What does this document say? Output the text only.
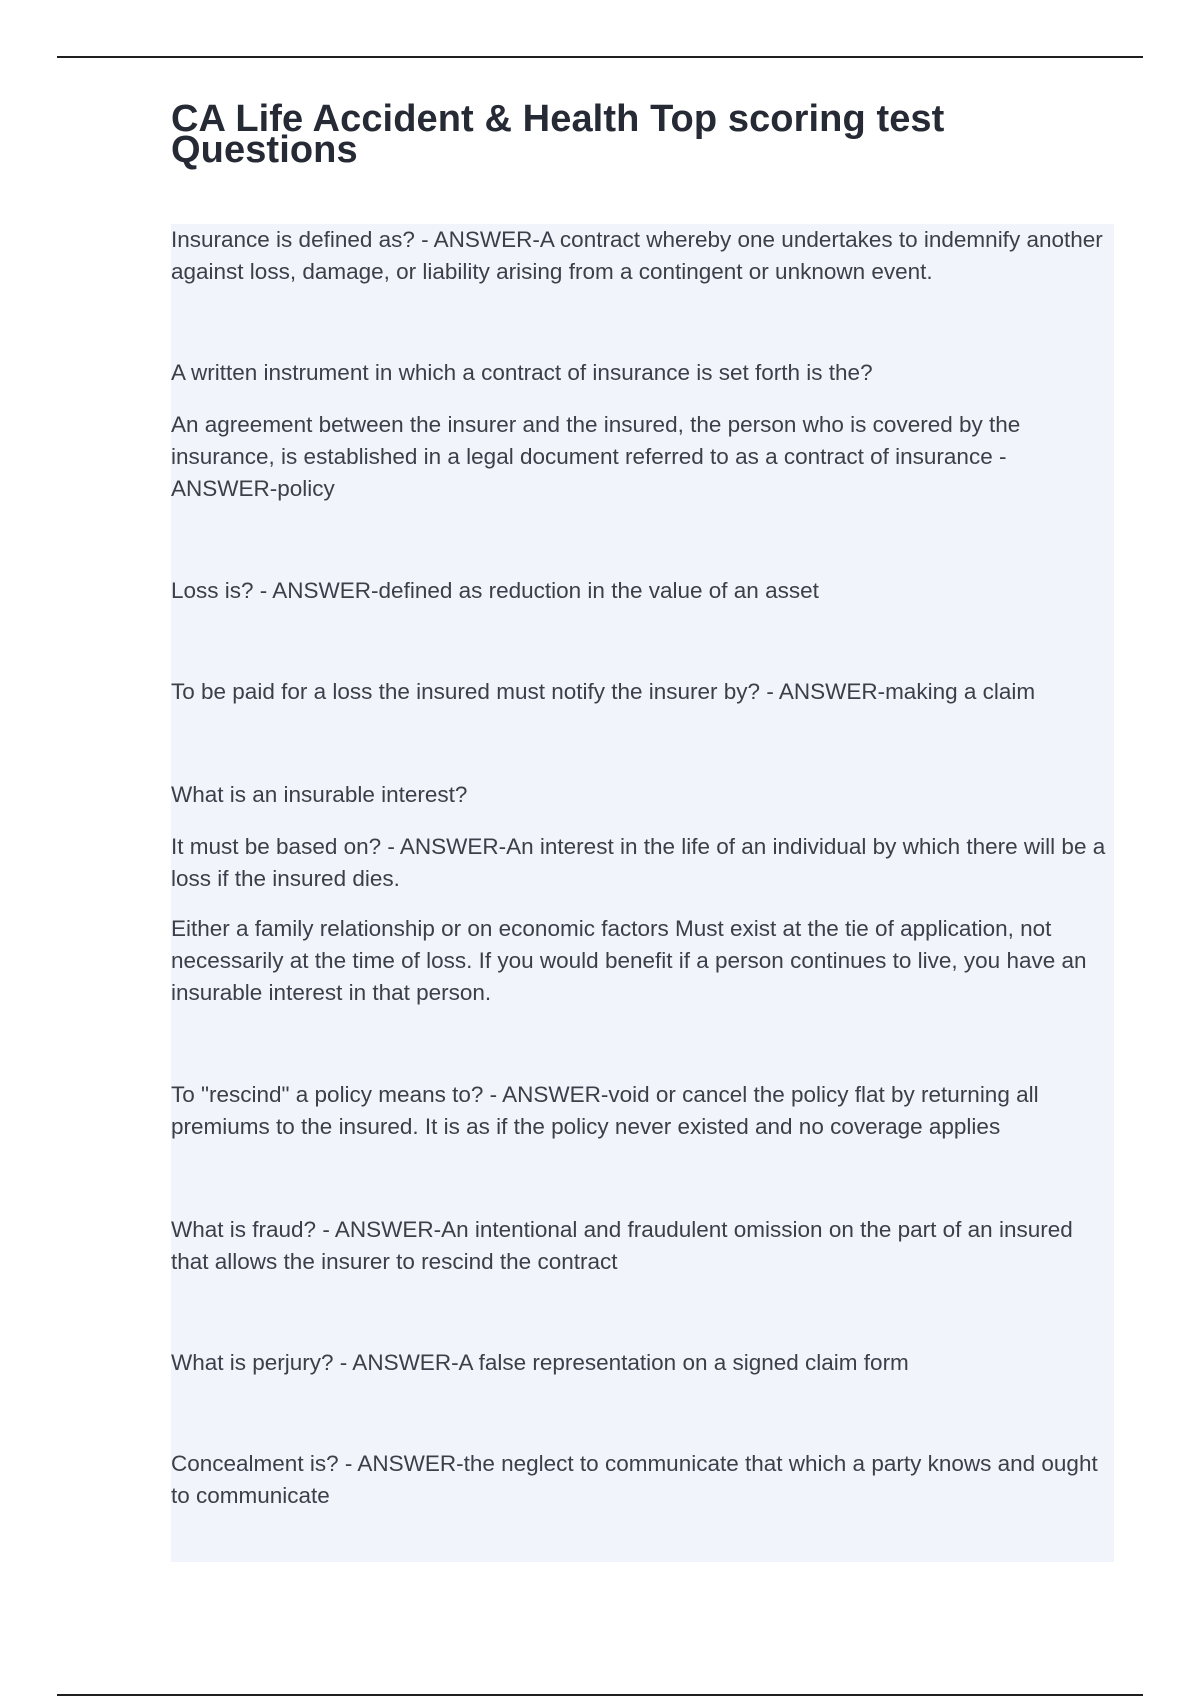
CA Life Accident & Health Top scoring test Questions

Insurance is defined as? - ANSWER-A contract whereby one undertakes to indemnify another against loss, damage, or liability arising from a contingent or unknown event.

A written instrument in which a contract of insurance is set forth is the?

An agreement between the insurer and the insured, the person who is covered by the insurance, is established in a legal document referred to as a contract of insurance - ANSWER-policy

Loss is? - ANSWER-defined as reduction in the value of an asset

To be paid for a loss the insured must notify the insurer by? - ANSWER-making a claim

What is an insurable interest?

It must be based on? - ANSWER-An interest in the life of an individual by which there will be a loss if the insured dies.

Either a family relationship or on economic factors Must exist at the tie of application, not necessarily at the time of loss. If you would benefit if a person continues to live, you have an insurable interest in that person.

To "rescind" a policy means to? - ANSWER-void or cancel the policy flat by returning all premiums to the insured. It is as if the policy never existed and no coverage applies

What is fraud? - ANSWER-An intentional and fraudulent omission on the part of an insured that allows the insurer to rescind the contract

What is perjury? - ANSWER-A false representation on a signed claim form

Concealment is? - ANSWER-the neglect to communicate that which a party knows and ought to communicate
